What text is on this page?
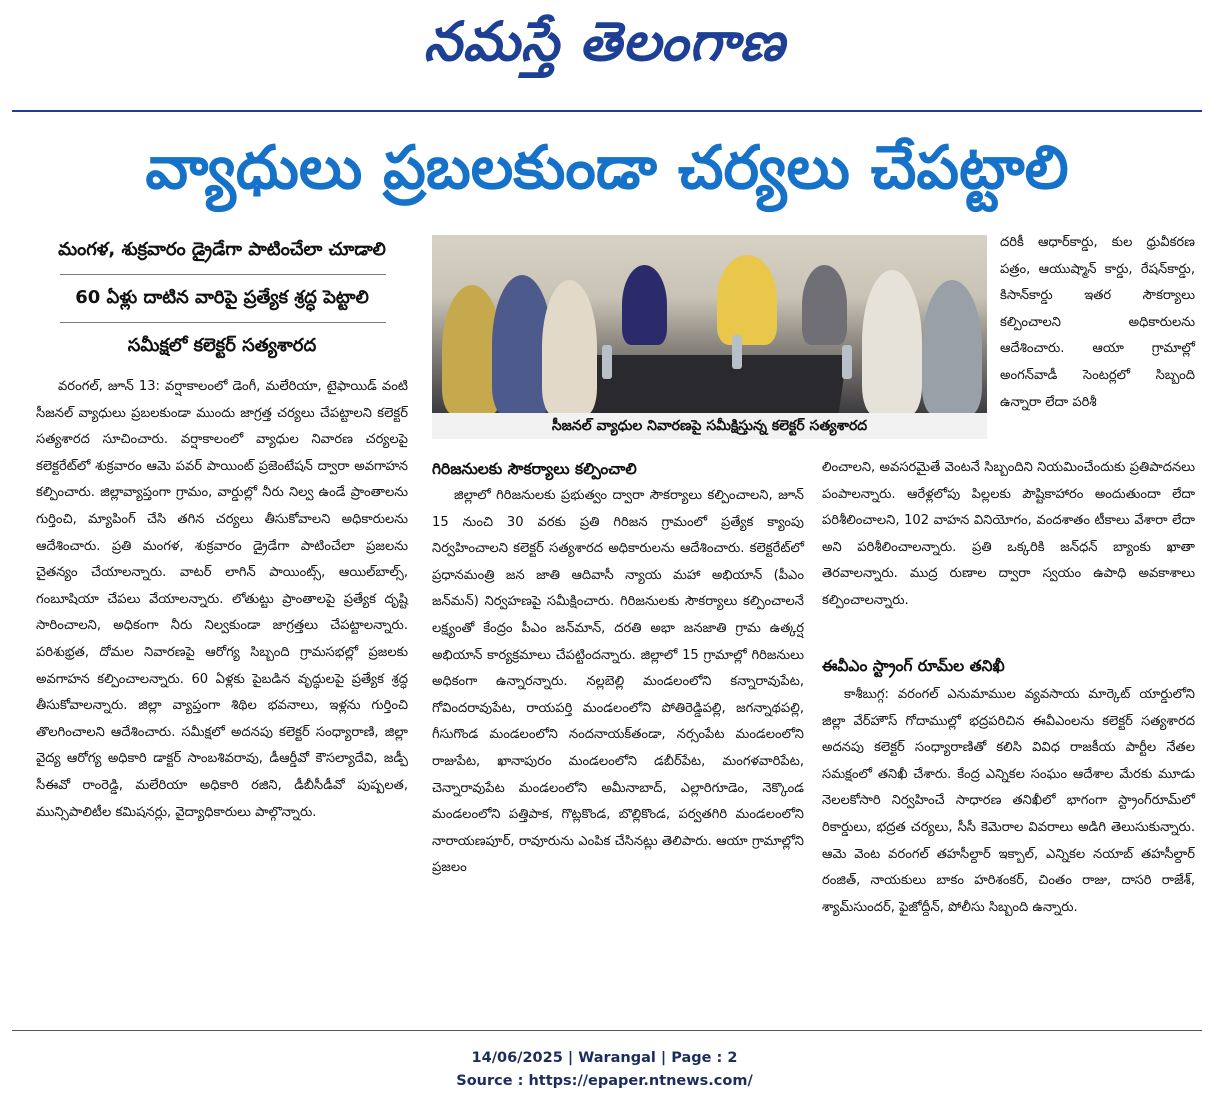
నమస్తే తెలంగాణ
వ్యాధులు ప్రబలకుండా చర్యలు చేపట్టాలి
మంగళ, శుక్రవారం డ్రైడేగా పాటించేలా చూడాలి
60 ఏళ్లు దాటిన వారిపై ప్రత్యేక శ్రద్ధ పెట్టాలి
సమీక్షలో కలెక్టర్ సత్యశారద

వరంగల్, జూన్ 13: వర్షాకాలంలో డెంగీ, మలేరియా, టైఫాయిడ్ వంటి సీజనల్ వ్యాధులు ప్రబలకుండా ముందు జాగ్రత్త చర్యలు చేపట్టాలని కలెక్టర్ సత్యశారద సూచించారు. వర్షాకాలంలో వ్యాధుల నివారణ చర్యలపై కలెక్టరేట్‌లో శుక్రవారం ఆమె పవర్ పాయింట్ ప్రజెంటేషన్ ద్వారా అవగాహన కల్పించారు. జిల్లావ్యాప్తంగా గ్రామం, వార్డుల్లో నీరు నిల్వ ఉండే ప్రాంతాలను గుర్తించి, మ్యాపింగ్ చేసి తగిన చర్యలు తీసుకోవాలని అధికారులను ఆదేశించారు. ప్రతి మంగళ, శుక్రవారం డ్రైడేగా పాటించేలా ప్రజలను చైతన్యం చేయాలన్నారు. వాటర్ లాగిన్ పాయింట్స్, ఆయిల్‌బాల్స్, గంబూషియా చేపలు వేయాలన్నారు. లోతుట్టు ప్రాంతాలపై ప్రత్యేక దృష్టి సారించాలని, అధికంగా నీరు నిల్వకుండా జాగ్రత్తలు చేపట్టాలన్నారు. పరిశుభ్రత, దోమల నివారణపై ఆరోగ్య సిబ్బంది గ్రామసభల్లో ప్రజలకు అవగాహన కల్పించాలన్నారు. 60 ఏళ్లకు పైబడిన వృద్ధులపై ప్రత్యేక శ్రద్ధ తీసుకోవాలన్నారు. జిల్లా వ్యాప్తంగా శిథిల భవనాలు, ఇళ్లను గుర్తించి తొలగించాలని ఆదేశించారు. సమీక్షలో అదనపు కలెక్టర్ సంధ్యారాణి, జిల్లా వైద్య ఆరోగ్య అధికారి డాక్టర్ సాంబశివరావు, డీఆర్డీవో కౌసల్యాదేవి, జడ్పీ సీఈవో రాంరెడ్డి, మలేరియా అధికారి రజిని, డీబీసీడీవో పుష్పలత, మున్సిపాలిటీల కమిషనర్లు, వైద్యాధికారులు పాల్గొన్నారు.

సీజనల్ వ్యాధుల నివారణపై సమీక్షిస్తున్న కలెక్టర్ సత్యశారద
గిరిజనులకు సౌకర్యాలు కల్పించాలి

జిల్లాలో గిరిజనులకు ప్రభుత్వం ద్వారా సౌకర్యాలు కల్పించాలని, జూన్ 15 నుంచి 30 వరకు ప్రతి గిరిజన గ్రామంలో ప్రత్యేక క్యాంపు నిర్వహించాలని కలెక్టర్ సత్యశారద అధికారులను ఆదేశించారు. కలెక్టరేట్‌లో ప్రధానమంత్రి జన జాతి ఆదివాసీ న్యాయ మహా అభియాన్ (పీఎం జన్‌మన్) నిర్వహణపై సమీక్షించారు. గిరిజనులకు సౌకర్యాలు కల్పించాలనే లక్ష్యంతో కేంద్రం పీఎం జన్‌మాన్, దరతి అభా జనజాతి గ్రామ ఉత్కర్ష అభియాన్ కార్యక్రమాలు చేపట్టిందన్నారు. జిల్లాలో 15 గ్రామాల్లో గిరిజనులు అధికంగా ఉన్నారన్నారు. నల్లబెల్లి మండలంలోని కన్నారావుపేట, గోవిందరావుపేట, రాయపర్తి మండలంలోని పోతిరెడ్డిపల్లి, జగన్నాథపల్లి, గీసుగొండ మండలంలోని నందనాయక్‌తండా, నర్సంపేట మండలంలోని రాజుపేట, ఖానాపురం మండలంలోని డబీర్‌పేట, మంగళవారిపేట, చెన్నారావుపేట మండలంలోని అమీనాబాద్, ఎల్లారిగూడెం, నెక్కొండ మండలంలోని పత్తిపాక, గొట్లకొండ, బొల్లికొండ, పర్వతగిరి మండలంలోని నారాయణపూర్, రావూరును ఎంపిక చేసినట్లు తెలిపారు. ఆయా గ్రామాల్లోని ప్రజలం

దరికీ ఆధార్‌కార్డు, కుల ధ్రువీకరణ పత్రం, ఆయుష్మాన్ కార్డు, రేషన్‌కార్డు, కిసాన్‌కార్డు ఇతర సౌకర్యాలు కల్పించాలని అధికారులను ఆదేశించారు. ఆయా గ్రామాల్లో అంగన్‌వాడీ సెంటర్లలో సిబ్బంది ఉన్నారా లేదా పరిశీ

లించాలని, అవసరమైతే వెంటనే సిబ్బందిని నియమించేందుకు ప్రతిపాదనలు పంపాలన్నారు. ఆరేళ్లలోపు పిల్లలకు పౌష్టికాహారం అందుతుందా లేదా పరిశీలించాలని, 102 వాహన వినియోగం, వందశాతం టీకాలు వేశారా లేదా అని పరిశీలించాలన్నారు. ప్రతి ఒక్కరికి జన్‌ధన్ బ్యాంకు ఖాతా తెరవాలన్నారు. ముద్ర రుణాల ద్వారా స్వయం ఉపాధి అవకాశాలు కల్పించాలన్నారు.

ఈవీఎం స్ట్రాంగ్ రూమ్‌ల తనిఖీ

కాశీబుగ్గ: వరంగల్ ఎనుమాముల వ్యవసాయ మార్కెట్ యార్డులోని జిల్లా వేర్‌హౌస్ గోదాముల్లో భద్రపరిచిన ఈవీఎంలను కలెక్టర్ సత్యశారద అదనపు కలెక్టర్ సంధ్యారాణితో కలిసి వివిధ రాజకీయ పార్టీల నేతల సమక్షంలో తనిఖీ చేశారు. కేంద్ర ఎన్నికల సంఘం ఆదేశాల మేరకు మూడు నెలలకోసారి నిర్వహించే సాధారణ తనిఖీలో భాగంగా స్ట్రాంగ్‌రూమ్‌లో రికార్డులు, భద్రత చర్యలు, సీసీ కెమెరాల వివరాలు అడిగి తెలుసుకున్నారు. ఆమె వెంట వరంగల్ తహసీల్దార్ ఇక్బాల్, ఎన్నికల నయాబ్ తహసీల్దార్ రంజిత్, నాయకులు బాకం హరిశంకర్, చింతం రాజు, దాసరి రాజేశ్, శ్యామ్‌సుందర్, ఫైజోద్దీన్, పోలీసు సిబ్బంది ఉన్నారు.

14/06/2025 | Warangal | Page : 2
Source : https://epaper.ntnews.com/
